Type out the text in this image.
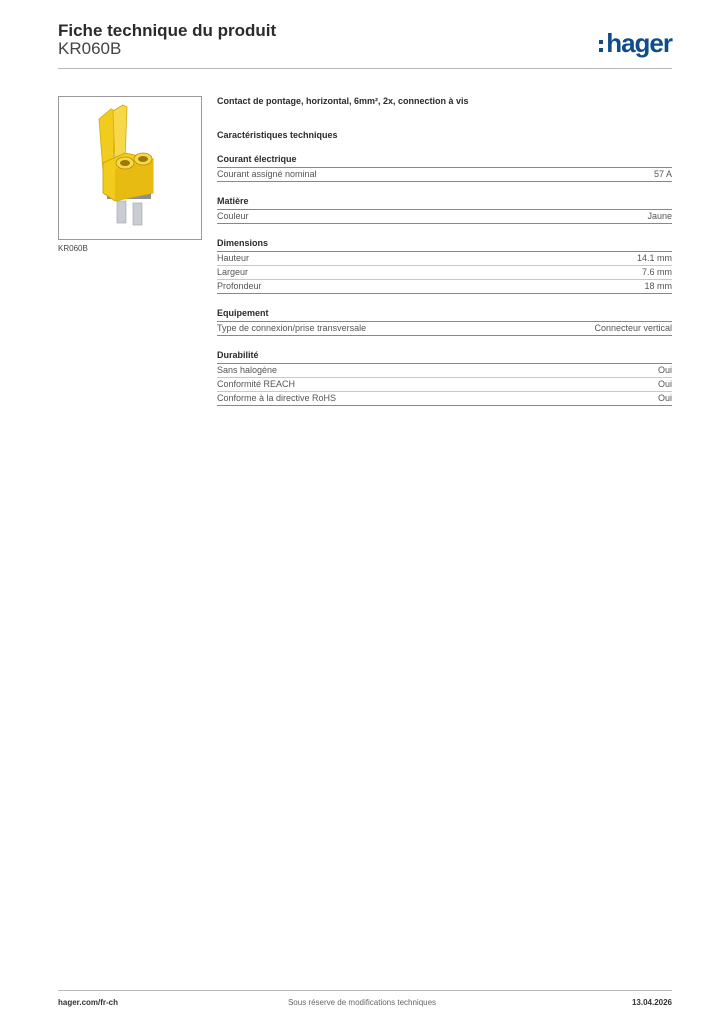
Fiche technique du produit
KR060B	hager
KR060B
Contact de pontage, horizontal, 6mm², 2x, connection à vis
Caractéristiques techniques
Courant électrique
Courant assigné nominal	57 A
Matière
Couleur	Jaune
Dimensions
Hauteur	14.1 mm
Largeur	7.6 mm
Profondeur	18 mm
Equipement
Type de connexion/prise transversale	Connecteur vertical
Durabilité
Sans halogène	Oui
Conformité REACH	Oui
Conforme à la directive RoHS	Oui
hager.com/fr-ch	Sous réserve de modifications techniques	13.04.2026
